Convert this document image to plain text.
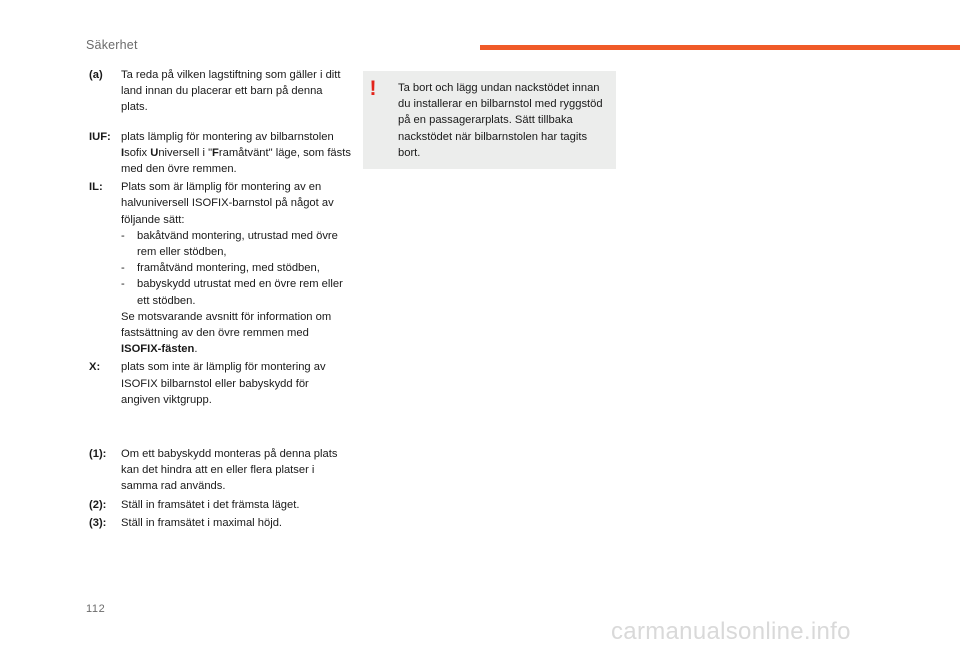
Säkerhet
(a)	Ta reda på vilken lagstiftning som gäller i ditt land innan du placerar ett barn på denna plats.
IUF: plats lämplig för montering av bilbarnstolen Isofix Universell i "Framåtvänt" läge, som fästs med den övre remmen.
IL:	Plats som är lämplig för montering av en halvuniversell ISOFIX-barnstol på något av följande sätt:
-	bakåtvänd montering, utrustad med övre rem eller stödben,
-	framåtvänd montering, med stödben,
-	babyskydd utrustat med en övre rem eller ett stödben.
Se motsvarande avsnitt för information om fastsättning av den övre remmen med ISOFIX-fästen.
X:	plats som inte är lämplig för montering av ISOFIX bilbarnstol eller babyskydd för angiven viktgrupp.
(1):	Om ett babyskydd monteras på denna plats kan det hindra att en eller flera platser i samma rad används.
(2):	Ställ in framsätet i det främsta läget.
(3):	Ställ in framsätet i maximal höjd.
Ta bort och lägg undan nackstödet innan du installerar en bilbarnstol med ryggstöd på en passagerarplats. Sätt tillbaka nackstödet när bilbarnstolen har tagits bort.
!
112
carmanualsonline.info
